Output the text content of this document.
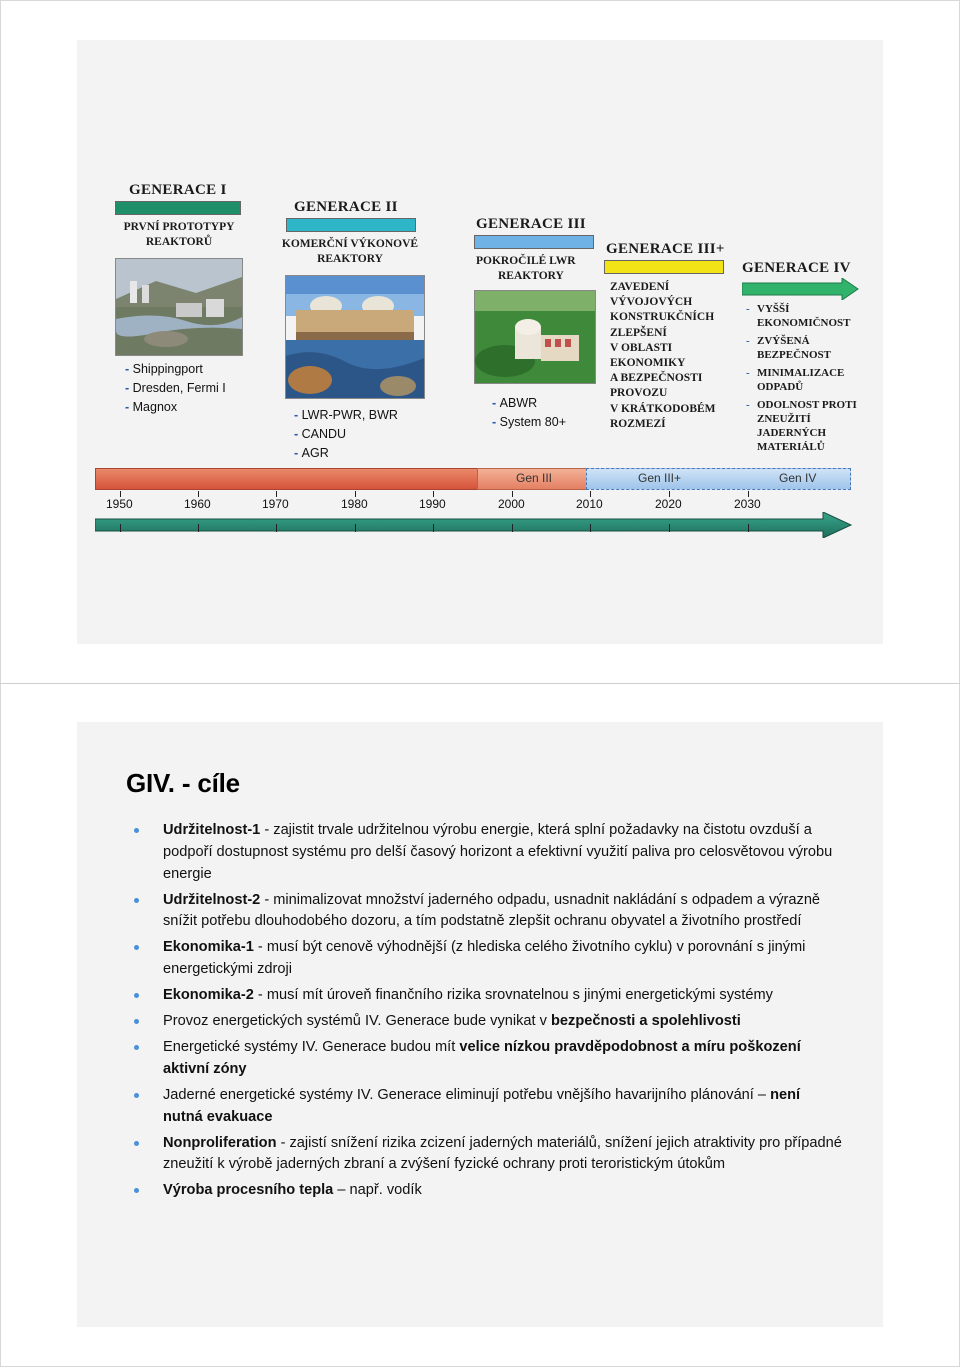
GENERACE I
PRVNÍ PROTOTYPY
REAKTORŮ
- Shippingport
- Dresden, Fermi I
- Magnox
GENERACE II
KOMERČNÍ VÝKONOVÉ
REAKTORY
- LWR-PWR, BWR
- CANDU
- AGR
GENERACE III
POKROČILÉ LWR
REAKTORY
- ABWR
- System 80+
GENERACE III+
ZAVEDENÍ
VÝVOJOVÝCH
KONSTRUKČNÍCH
ZLEPŠENÍ
V OBLASTI
EKONOMIKY
A BEZPEČNOSTI
PROVOZU
V KRÁTKODOBÉM
ROZMEZÍ
GENERACE IV
- VYŠŠÍ
EKONOMIČNOST
- ZVÝŠENÁ
BEZPEČNOST
- MINIMALIZACE
ODPADŮ
- ODOLNOST PROTI
ZNEUŽITÍ
JADERNÝCH
MATERIÁLŮ
Gen III	Gen III+	Gen IV
1950	1960	1970	1980	1990	2000	2010	2020	2030
GIV. - cíle
Udržitelnost-1 - zajistit trvale udržitelnou výrobu energie, která splní požadavky na čistotu ovzduší a podpoří dostupnost systému pro delší časový horizont a efektivní využití paliva pro celosvětovou výrobu energie
Udržitelnost-2 - minimalizovat množství jaderného odpadu, usnadnit nakládání s odpadem a výrazně snížit potřebu dlouhodobého dozoru, a tím podstatně zlepšit ochranu obyvatel a životního prostředí
Ekonomika-1 - musí být cenově výhodnější (z hlediska celého životního cyklu) v porovnání s jinými energetickými zdroji
Ekonomika-2 - musí mít úroveň finančního rizika srovnatelnou s jinými energetickými systémy
Provoz energetických systémů IV. Generace bude vynikat v bezpečnosti a spolehlivosti
Energetické systémy IV. Generace budou mít velice nízkou pravděpodobnost a míru poškození aktivní zóny
Jaderné energetické systémy IV. Generace eliminují potřebu vnějšího havarijního plánování – není nutná evakuace
Nonproliferation - zajistí snížení rizika zcizení jaderných materiálů, snížení jejich atraktivity pro případné zneužití k výrobě jaderných zbraní a zvýšení fyzické ochrany proti teroristickým útokům
Výroba procesního tepla – např. vodík
